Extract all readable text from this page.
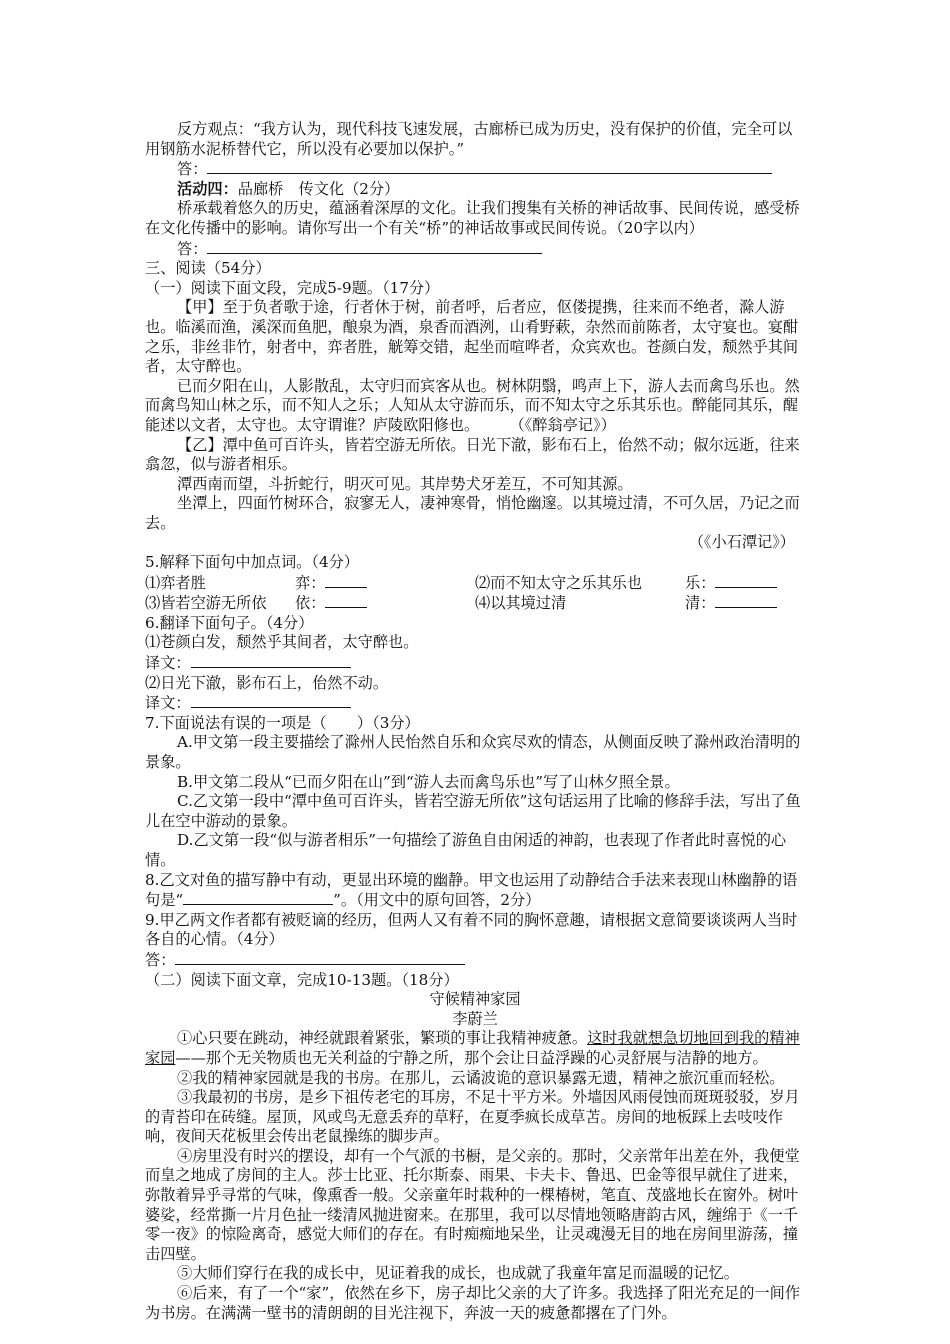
反方观点：“我方认为，现代科技飞速发展，古廊桥已成为历史，没有保护的价值，完全可以用钢筋水泥桥替代它，所以没有必要加以保护。”

答：

活动四：品廊桥　传文化（2分）

桥承载着悠久的历史，蕴涵着深厚的文化。让我们搜集有关桥的神话故事、民间传说，感受桥在文化传播中的影响。请你写出一个有关“桥”的神话故事或民间传说。（20字以内）

答：

三、阅读（54分）

（一）阅读下面文段，完成5-9题。（17分）

【甲】至于负者歌于途，行者休于树，前者呼，后者应，伛偻提携，往来而不绝者，滁人游也。临溪而渔，溪深而鱼肥，酿泉为酒，泉香而酒洌，山肴野蔌，杂然而前陈者，太守宴也。宴酣之乐，非丝非竹，射者中，弈者胜，觥筹交错，起坐而喧哗者，众宾欢也。苍颜白发，颓然乎其间者，太守醉也。

已而夕阳在山，人影散乱，太守归而宾客从也。树林阴翳，鸣声上下，游人去而禽鸟乐也。然而禽鸟知山林之乐，而不知人之乐；人知从太守游而乐，而不知太守之乐其乐也。醉能同其乐，醒能述以文者，太守也。太守谓谁？庐陵欧阳修也。　　　（《醉翁亭记》）

【乙】潭中鱼可百许头，皆若空游无所依。日光下澈，影布石上，佁然不动；俶尔远逝，往来翕忽，似与游者相乐。

潭西南而望，斗折蛇行，明灭可见。其岸势犬牙差互，不可知其源。

坐潭上，四面竹树环合，寂寥无人，凄神寒骨，悄怆幽邃。以其境过清，不可久居，乃记之而去。

（《小石潭记》）

5.解释下面句中加点词。（4分）

⑴弈者胜	弈：	⑵而不知太守之乐其乐也	乐：
⑶皆若空游无所依 依：	⑷以其境过清	清：

6.翻译下面句子。（4分）

⑴苍颜白发，颓然乎其间者，太守醉也。

译文：

⑵日光下澈，影布石上，佁然不动。

译文：

7.下面说法有误的一项是（　　）（3分）

A.甲文第一段主要描绘了滁州人民怡然自乐和众宾尽欢的情态，从侧面反映了滁州政治清明的景象。

B.甲文第二段从“已而夕阳在山”到“游人去而禽鸟乐也”写了山林夕照全景。

C.乙文第一段中“潭中鱼可百许头，皆若空游无所依”这句话运用了比喻的修辞手法，写出了鱼儿在空中游动的景象。

D.乙文第一段“似与游者相乐”一句描绘了游鱼自由闲适的神韵，也表现了作者此时喜悦的心情。

8.乙文对鱼的描写静中有动，更显出环境的幽静。甲文也运用了动静结合手法来表现山林幽静的语句是“	”。（用文中的原句回答，2分）

9.甲乙两文作者都有被贬谪的经历，但两人又有着不同的胸怀意趣，请根据文意简要谈谈两人当时各自的心情。（4分）

答：

（二）阅读下面文章，完成10-13题。（18分）

守候精神家园

李蔚兰

①心只要在跳动，神经就跟着紧张，繁琐的事让我精神疲惫。这时我就想急切地回到我的精神家园——那个无关物质也无关利益的宁静之所，那个会让日益浮躁的心灵舒展与洁静的地方。

②我的精神家园就是我的书房。在那儿，云谲波诡的意识暴露无遗，精神之旅沉重而轻松。

③我最初的书房，是乡下祖传老宅的耳房，不足十平方米。外墙因风雨侵蚀而斑斑驳驳，岁月的青苔印在砖缝。屋顶，风或鸟无意丢弃的草籽，在夏季疯长成草苫。房间的地板踩上去吱吱作响，夜间天花板里会传出老鼠操练的脚步声。

④房里没有时兴的摆设，却有一个气派的书橱，是父亲的。那时，父亲常年出差在外，我便堂而皇之地成了房间的主人。莎士比亚、托尔斯泰、雨果、卡夫卡、鲁迅、巴金等很早就住了进来，弥散着异乎寻常的气味，像熏香一般。父亲童年时栽种的一棵椿树，笔直、茂盛地长在窗外。树叶婆娑，经常撕一片月色扯一缕清风抛进窗来。在那里，我可以尽情地领略唐韵古风，缠绵于《一千零一夜》的惊险离奇，感觉大师们的存在。有时痴痴地呆坐，让灵魂漫无目的地在房间里游荡，撞击四壁。

⑤大师们穿行在我的成长中，见证着我的成长，也成就了我童年富足而温暖的记忆。

⑥后来，有了一个“家”，依然在乡下，房子却比父亲的大了许多。我选择了阳光充足的一间作为书房。在满满一壁书的清朗朗的目光注视下，奔波一天的疲惫都撂在了门外。
